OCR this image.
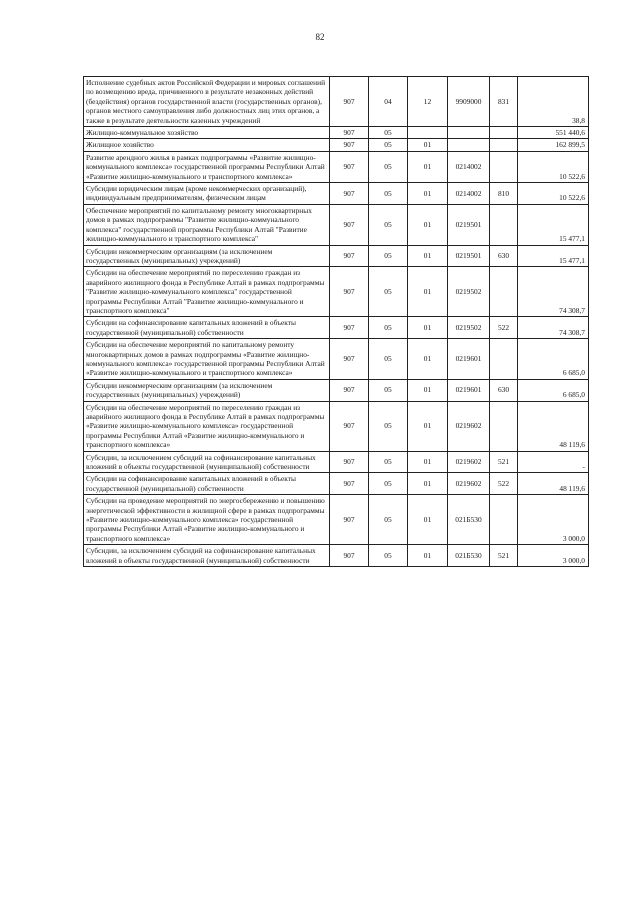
82
Исполнение судебных актов Российской Федерации и мировых соглашений по возмещению вреда, причиненного в результате незаконных действий (бездействия) органов государственной власти (государственных органов), органов местного самоуправления либо должностных лиц этих органов, а также в результате деятельности казенных учреждений	907	04	12	9909000	831	38,8
Жилищно-коммунальное хозяйство	907	05				551 440,6
Жилищное хозяйство	907	05	01			162 899,5
Развитие арендного жилья в рамках подпрограммы «Развитие жилищно-коммунального комплекса» государственной программы Республики Алтай «Развитие жилищно-коммунального и транспортного комплекса»	907	05	01	0214002		10 522,6
Субсидии юридическим лицам (кроме некоммерческих организаций), индивидуальным предпринимателям, физическим лицам	907	05	01	0214002	810	10 522,6
Обеспечение мероприятий по капитальному ремонту многоквартирных домов в рамках подпрограммы "Развитие жилищно-коммунального комплекса" государственной программы Республики Алтай "Развитие жилищно-коммунального и транспортного комплекса"	907	05	01	0219501		15 477,1
Субсидии некоммерческим организациям (за исключением государственных (муниципальных) учреждений)	907	05	01	0219501	630	15 477,1
Субсидии на обеспечение мероприятий по переселению граждан из аварийного жилищного фонда в Республике Алтай в рамках подпрограммы "Развитие жилищно-коммунального комплекса" государственной программы Республики Алтай "Развитие жилищно-коммунального и транспортного комплекса"	907	05	01	0219502		74 308,7
Субсидии на софинансирование капитальных вложений в объекты государственной (муниципальной) собственности	907	05	01	0219502	522	74 308,7
Субсидии на обеспечение мероприятий по капитальному ремонту многоквартирных домов в рамках подпрограммы «Развитие жилищно-коммунального комплекса» государственной программы Республики Алтай «Развитие жилищно-коммунального и транспортного комплекса»	907	05	01	0219601		6 685,0
Субсидии некоммерческим организациям (за исключением государственных (муниципальных) учреждений)	907	05	01	0219601	630	6 685,0
Субсидии на обеспечение мероприятий по переселению граждан из аварийного жилищного фонда в Республике Алтай в рамках подпрограммы «Развитие жилищно-коммунального комплекса» государственной программы Республики Алтай «Развитие жилищно-коммунального и транспортного комплекса»	907	05	01	0219602		48 119,6
Субсидии, за исключением субсидий на софинансирование капитальных вложений в объекты государственной (муниципальной) собственности	907	05	01	0219602	521	-
Субсидии на софинансирование капитальных вложений в объекты государственной (муниципальной) собственности	907	05	01	0219602	522	48 119,6
Субсидии на проведение мероприятий по энергосбережению и повышению энергетической эффективности в жилищной сфере в рамках подпрограммы «Развитие жилищно-коммунального комплекса» государственной программы Республики Алтай «Развитие жилищно-коммунального и транспортного комплекса»	907	05	01	021Б530		3 000,0
Субсидии, за исключением субсидий на софинансирование капитальных вложений в объекты государственной (муниципальной) собственности	907	05	01	021Б530	521	3 000,0
